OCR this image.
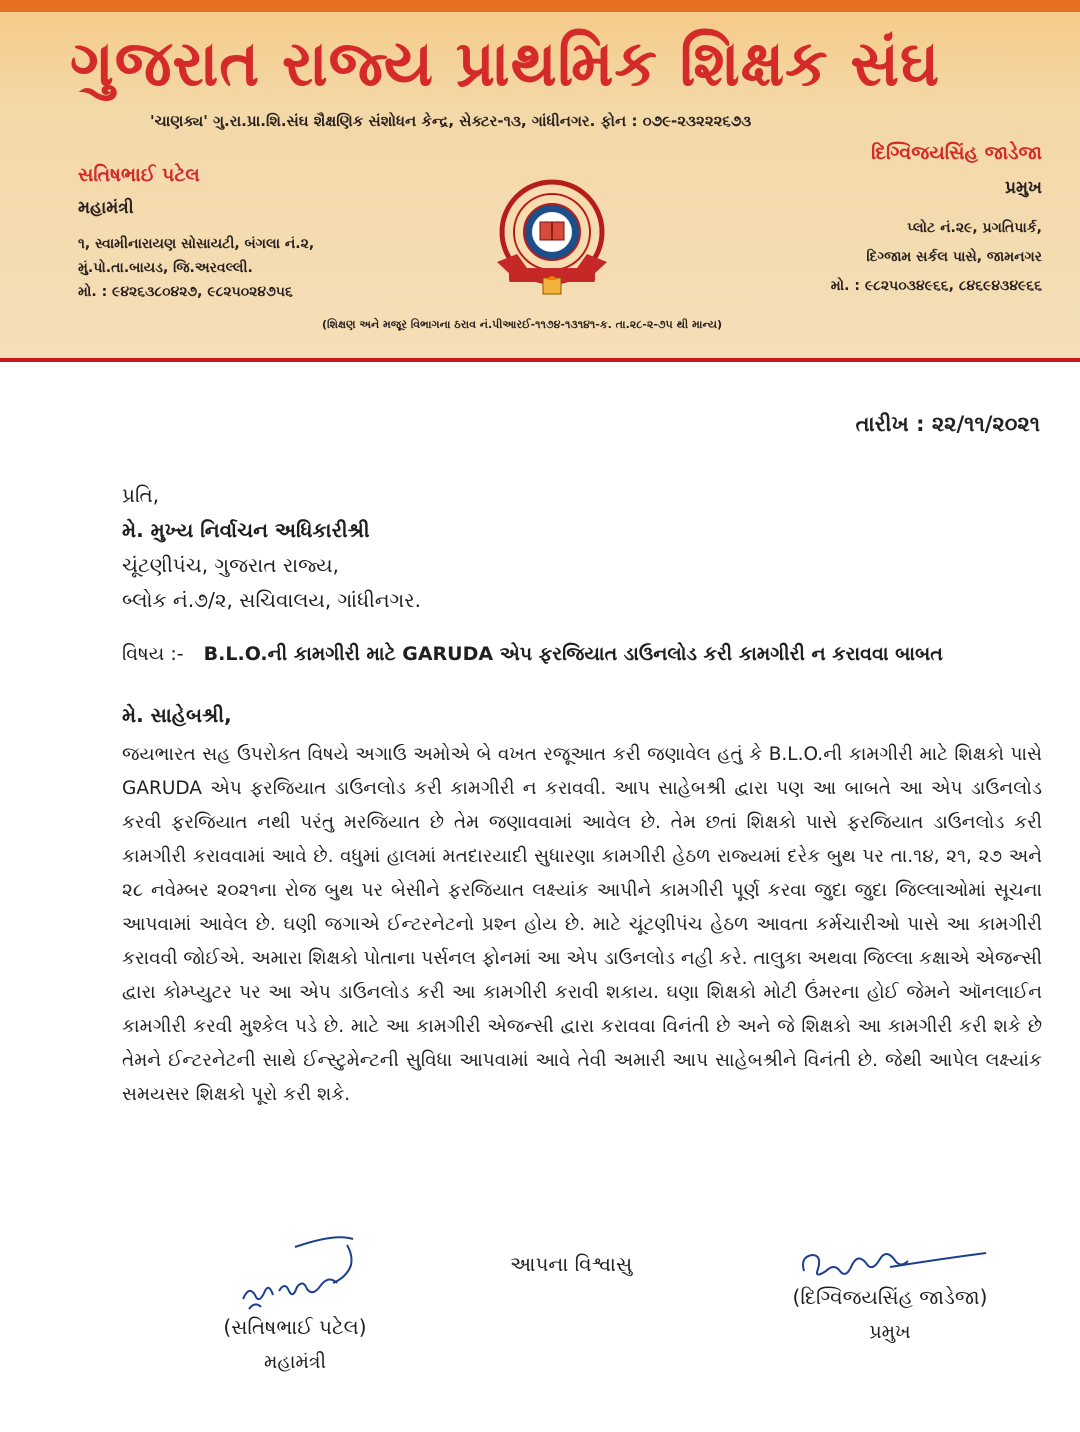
ગુજરાત રાજ્ય પ્રાથમિક શિક્ષક સંઘ
'ચાણક્ય' ગુ.રા.પ્રા.શિ.સંઘ શૈક્ષણિક સંશોધન કેન્દ્ર, સેક્ટર-૧૩, ગાંધીનગર. ફોન : ૦૭૯-૨૩૨૨૨૬૭૩
સતિષભાઈ પટેલ
મહામંત્રી
૧, સ્વામીનારાયણ સોસાયટી, બંગલા નં.૨,
મું.પો.તા.બાયડ, જિ.અરવલ્લી.
મો. : ૯૪૨૬૩૮૦૪૨૭, ૯૮૨૫૦૨૪૭૫૬
દિગ્વિજયસિંહ જાડેજા
પ્રમુખ
પ્લોટ નં.૨૯, પ્રગતિપાર્ક,
દિગ્જામ સર્કલ પાસે, જામનગર
મો. : ૯૮૨૫૦૩૪૯૬૬, ૮૪૬૯૪૩૪૯૬૬
(શિક્ષણ અને મજૂર વિભાગના ઠરાવ નં.પીઆરઈ-૧૧૭૪-૧૩૧૪૧-ક. તા.૨૮-૨-૭૫ થી માન્ય)
તારીખ : ૨૨/૧૧/૨૦૨૧
પ્રતિ,
મે. મુખ્ય નિર્વાચન અધિકારીશ્રી
ચૂંટણીપંચ, ગુજરાત રાજ્ય,
બ્લોક નં.૭/૨, સચિવાલય, ગાંધીનગર.
વિષય :- B.L.O.ની કામગીરી માટે GARUDA એપ ફરજિયાત ડાઉનલોડ કરી કામગીરી ન કરાવવા બાબત
મે. સાહેબશ્રી,
જયભારત સહ ઉપરોક્ત વિષયે અગાઉ અમોએ બે વખત રજૂઆત કરી જણાવેલ હતું કે B.L.O.ની કામગીરી માટે શિક્ષકો પાસે GARUDA એપ ફરજિયાત ડાઉનલોડ કરી કામગીરી ન કરાવવી. આપ સાહેબશ્રી દ્વારા પણ આ બાબતે આ એપ ડાઉનલોડ કરવી ફરજિયાત નથી પરંતુ મરજિયાત છે તેમ જણાવવામાં આવેલ છે. તેમ છતાં શિક્ષકો પાસે ફરજિયાત ડાઉનલોડ કરી કામગીરી કરાવવામાં આવે છે. વધુમાં હાલમાં મતદારયાદી સુધારણા કામગીરી હેઠળ રાજ્યમાં દરેક બુથ પર તા.૧૪, ૨૧, ૨૭ અને ૨૮ નવેમ્બર ૨૦૨૧ના રોજ બુથ પર બેસીને ફરજિયાત લક્ષ્યાંક આપીને કામગીરી પૂર્ણ કરવા જુદા જુદા જિલ્લાઓમાં સૂચના આપવામાં આવેલ છે. ઘણી જગાએ ઈન્ટરનેટનો પ્રશ્ન હોય છે. માટે ચૂંટણીપંચ હેઠળ આવતા કર્મચારીઓ પાસે આ કામગીરી કરાવવી જોઈએ. અમારા શિક્ષકો પોતાના પર્સનલ ફોનમાં આ એપ ડાઉનલોડ નહી કરે. તાલુકા અથવા જિલ્લા કક્ષાએ એજન્સી દ્વારા કોમ્પ્યુટર પર આ એપ ડાઉનલોડ કરી આ કામગીરી કરાવી શકાય. ઘણા શિક્ષકો મોટી ઉંમરના હોઈ જેમને ઑનલાઈન કામગીરી કરવી મુશ્કેલ પડે છે. માટે આ કામગીરી એજન્સી દ્વારા કરાવવા વિનંતી છે અને જે શિક્ષકો આ કામગીરી કરી શકે છે તેમને ઈન્ટરનેટની સાથે ઈન્સ્ટુમેન્ટની સુવિધા આપવામાં આવે તેવી અમારી આપ સાહેબશ્રીને વિનંતી છે. જેથી આપેલ લક્ષ્યાંક સમયસર શિક્ષકો પૂરો કરી શકે.
આપના વિશ્વાસુ
(સતિષભાઈ પટેલ)
મહામંત્રી
(દિગ્વિજયસિંહ જાડેજા)
પ્રમુખ
